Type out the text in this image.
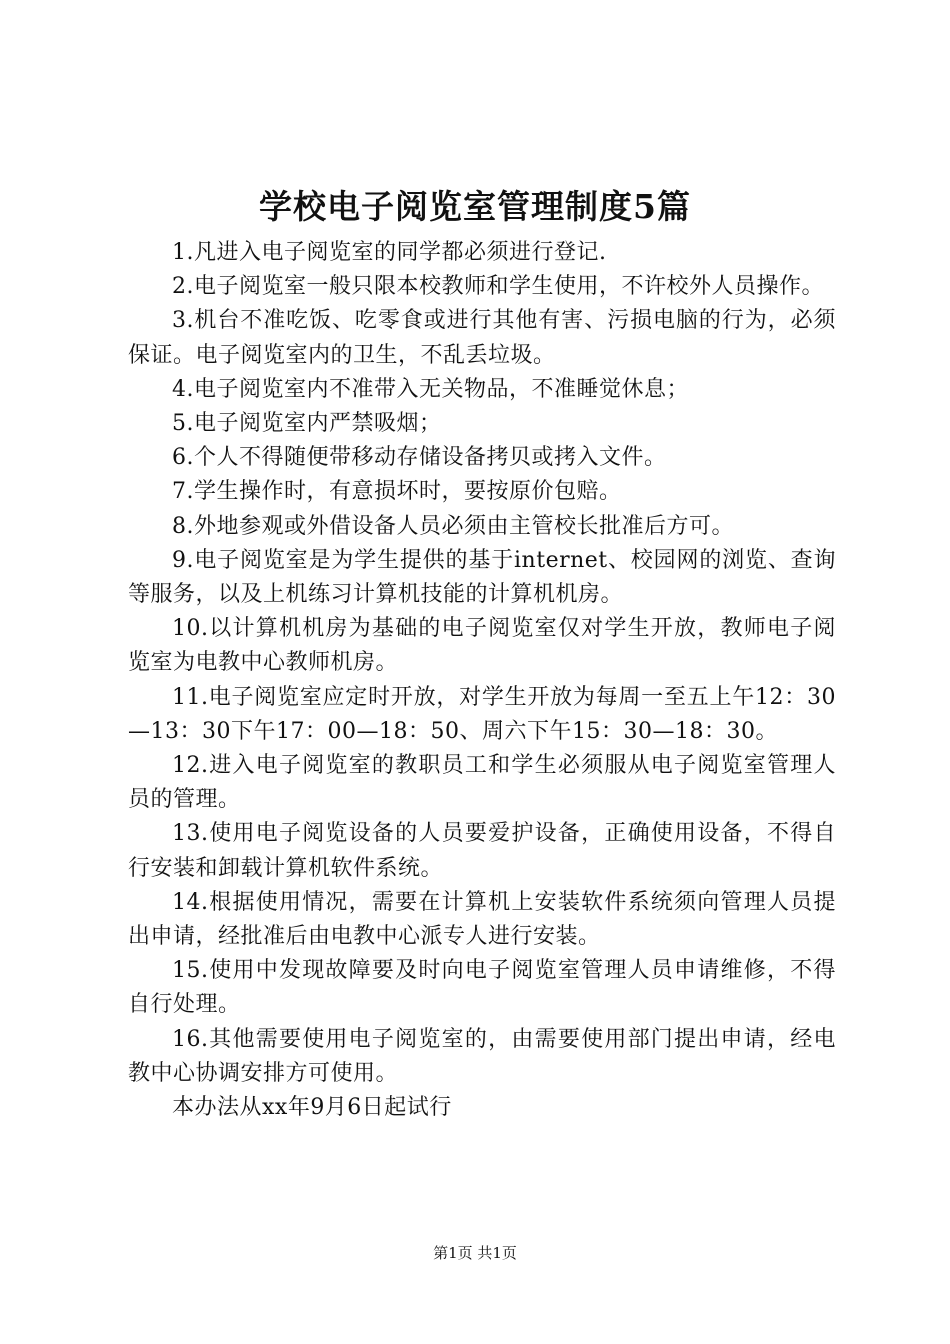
学校电子阅览室管理制度5篇

1.凡进入电子阅览室的同学都必须进行登记.

2.电子阅览室一般只限本校教师和学生使用，不许校外人员操作。

3.机台不准吃饭、吃零食或进行其他有害、污损电脑的行为，必须保证。电子阅览室内的卫生，不乱丢垃圾。

4.电子阅览室内不准带入无关物品，不准睡觉休息；

5.电子阅览室内严禁吸烟；

6.个人不得随便带移动存储设备拷贝或拷入文件。

7.学生操作时，有意损坏时，要按原价包赔。

8.外地参观或外借设备人员必须由主管校长批准后方可。

9.电子阅览室是为学生提供的基于internet、校园网的浏览、查询等服务，以及上机练习计算机技能的计算机机房。

10.以计算机机房为基础的电子阅览室仅对学生开放，教师电子阅览室为电教中心教师机房。

11.电子阅览室应定时开放，对学生开放为每周一至五上午12：30—13：30下午17：00—18：50、周六下午15：30—18：30。

12.进入电子阅览室的教职员工和学生必须服从电子阅览室管理人员的管理。

13.使用电子阅览设备的人员要爱护设备，正确使用设备，不得自行安装和卸载计算机软件系统。

14.根据使用情况，需要在计算机上安装软件系统须向管理人员提出申请，经批准后由电教中心派专人进行安装。

15.使用中发现故障要及时向电子阅览室管理人员申请维修，不得自行处理。

16.其他需要使用电子阅览室的，由需要使用部门提出申请，经电教中心协调安排方可使用。

本办法从xx年9月6日起试行

第1页 共1页
